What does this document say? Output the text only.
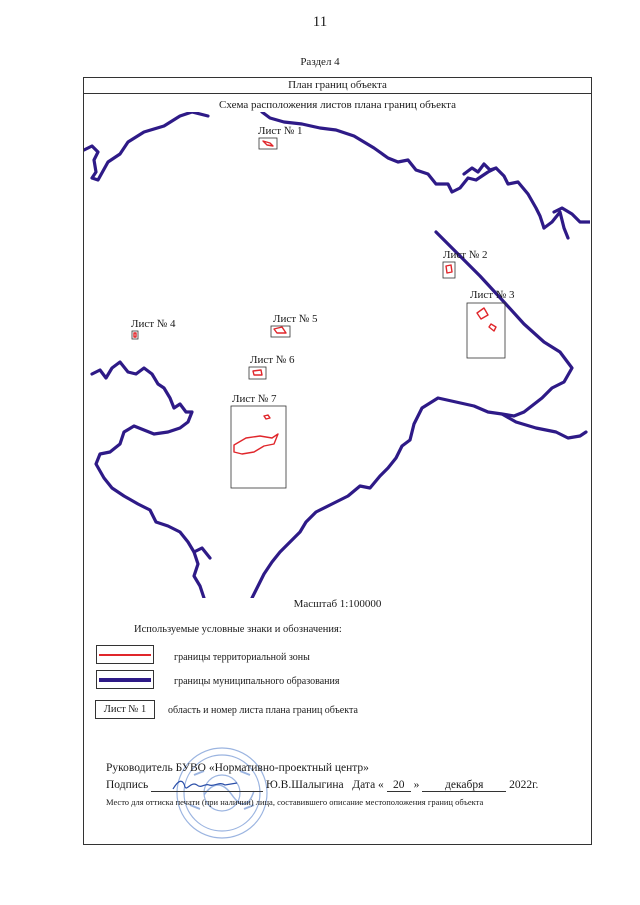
11
Раздел 4
План границ объекта
Схема расположения листов плана границ объекта
Лист № 1
Лист № 2
Лист № 3
Лист № 4	Лист № 5
Лист № 6
Лист № 7
Масштаб 1:100000
Используемые условные знаки и обозначения:
границы территориальной зоны
границы муниципального образования
Лист № 1	область и номер листа плана границ объекта
Руководитель БУВО «Нормативно-проектный центр»
Подпись	Ю.В.Шалыгина Дата « 20 » декабря 2022г.
Место для оттиска печати (при наличии) лица, составившего описание местоположения границ объекта
